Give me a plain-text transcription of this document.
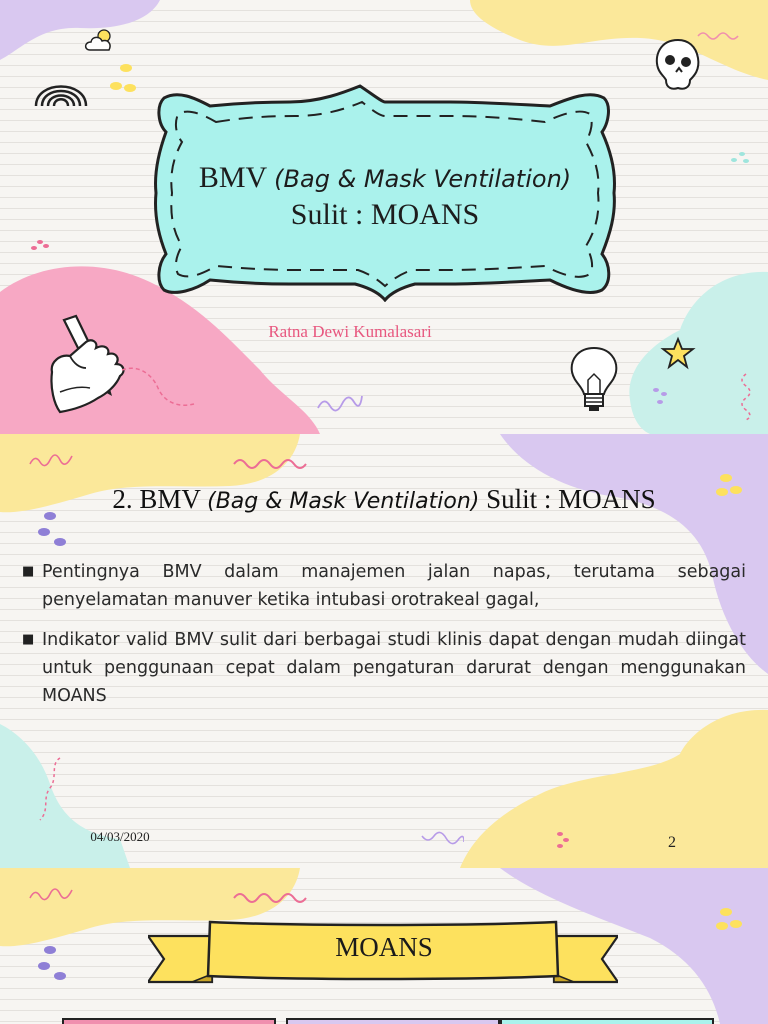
BMV (Bag & Mask Ventilation)
Sulit : MOANS
Ratna Dewi Kumalasari
2. BMV (Bag & Mask Ventilation) Sulit : MOANS
■ Pentingnya BMV dalam manajemen jalan napas, terutama sebagai penyelamatan manuver ketika intubasi orotrakeal gagal,
■ Indikator valid BMV sulit dari berbagai studi klinis dapat dengan mudah diingat untuk penggunaan cepat dalam pengaturan darurat dengan menggunakan MOANS
04/03/2020	2
MOANS
